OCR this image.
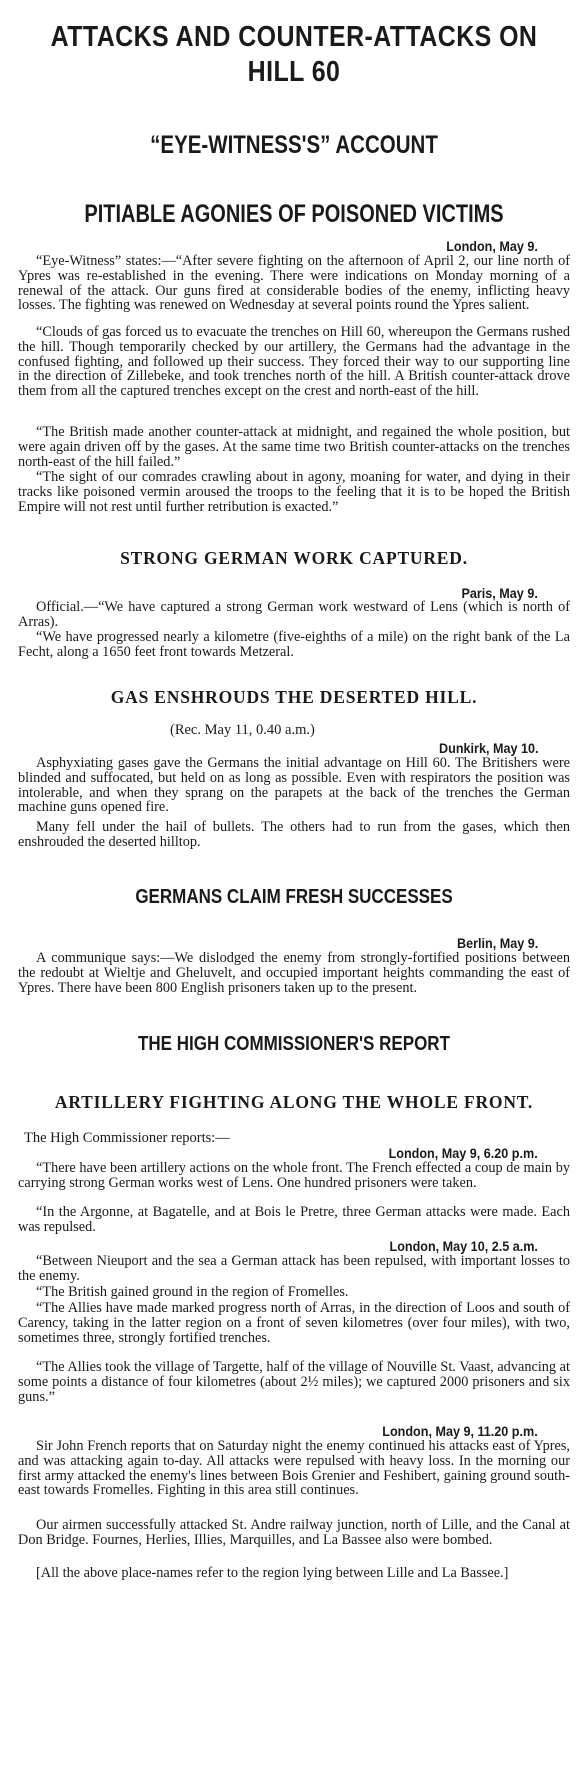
ATTACKS AND COUNTER-ATTACKS ON HILL 60
“EYE-WITNESS'S” ACCOUNT
PITIABLE AGONIES OF POISONED VICTIMS
London, May 9.

“Eye-Witness” states:—“After severe fighting on the afternoon of April 2, our line north of Ypres was re-established in the evening. There were indications on Monday morning of a renewal of the attack. Our guns fired at considerable bodies of the enemy, inflicting heavy losses. The fighting was renewed on Wednesday at several points round the Ypres salient.

“Clouds of gas forced us to evacuate the trenches on Hill 60, whereupon the Germans rushed the hill. Though temporarily checked by our artillery, the Germans had the advantage in the confused fighting, and followed up their success. They forced their way to our supporting line in the direction of Zillebeke, and took trenches north of the hill. A British counter-attack drove them from all the captured trenches except on the crest and north-east of the hill.

“The British made another counter-attack at midnight, and regained the whole position, but were again driven off by the gases. At the same time two British counter-attacks on the trenches north-east of the hill failed.”

“The sight of our comrades crawling about in agony, moaning for water, and dying in their tracks like poisoned vermin aroused the troops to the feeling that it is to be hoped the British Empire will not rest until further retribution is exacted.”

STRONG GERMAN WORK CAPTURED.
Paris, May 9.

Official.—“We have captured a strong German work westward of Lens (which is north of Arras).

“We have progressed nearly a kilometre (five-eighths of a mile) on the right bank of the La Fecht, along a 1650 feet front towards Metzeral.

GAS ENSHROUDS THE DESERTED HILL.
(Rec. May 11, 0.40 a.m.)
Dunkirk, May 10.

Asphyxiating gases gave the Germans the initial advantage on Hill 60. The Britishers were blinded and suffocated, but held on as long as possible. Even with respirators the position was intolerable, and when they sprang on the parapets at the back of the trenches the German machine guns opened fire.

Many fell under the hail of bullets. The others had to run from the gases, which then enshrouded the deserted hilltop.

GERMANS CLAIM FRESH SUCCESSES
Berlin, May 9.

A communique says:—We dislodged the enemy from strongly-fortified positions between the redoubt at Wieltje and Gheluvelt, and occupied important heights commanding the east of Ypres. There have been 800 English prisoners taken up to the present.

THE HIGH COMMISSIONER'S REPORT
ARTILLERY FIGHTING ALONG THE WHOLE FRONT.
The High Commissioner reports:—
London, May 9, 6.20 p.m.

“There have been artillery actions on the whole front. The French effected a coup de main by carrying strong German works west of Lens. One hundred prisoners were taken.

“In the Argonne, at Bagatelle, and at Bois le Pretre, three German attacks were made. Each was repulsed.

London, May 10, 2.5 a.m.

“Between Nieuport and the sea a German attack has been repulsed, with important losses to the enemy.

“The British gained ground in the region of Fromelles.

“The Allies have made marked progress north of Arras, in the direction of Loos and south of Carency, taking in the latter region on a front of seven kilometres (over four miles), with two, sometimes three, strongly fortified trenches.

“The Allies took the village of Targette, half of the village of Nouville St. Vaast, advancing at some points a distance of four kilometres (about 2½ miles); we captured 2000 prisoners and six guns.”

London, May 9, 11.20 p.m.

Sir John French reports that on Saturday night the enemy continued his attacks east of Ypres, and was attacking again to-day. All attacks were repulsed with heavy loss. In the morning our first army attacked the enemy's lines between Bois Grenier and Feshibert, gaining ground south-east towards Fromelles. Fighting in this area still continues.

Our airmen successfully attacked St. Andre railway junction, north of Lille, and the Canal at Don Bridge. Fournes, Herlies, Illies, Marquilles, and La Bassee also were bombed.

[All the above place-names refer to the region lying between Lille and La Bassee.]
